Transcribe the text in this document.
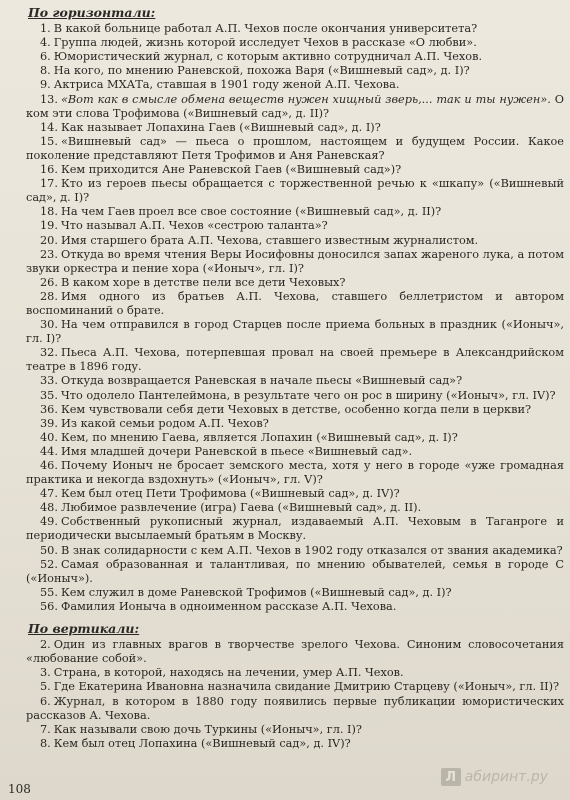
По горизонтали:

1. В какой больнице работал А.П. Чехов после окончания университета?

4. Группа людей, жизнь которой исследует Чехов в рассказе «О любви».

6. Юмористический журнал, с которым активно сотрудничал А.П. Чехов.

8. На кого, по мнению Раневской, похожа Варя («Вишневый сад», д. I)?

9. Актриса МХАТа, ставшая в 1901 году женой А.П. Чехова.

13. «Вот как в смысле обмена веществ нужен хищный зверь,... так и ты нужен». О ком эти слова Трофимова («Вишневый сад», д. II)?

14. Как называет Лопахина Гаев («Вишневый сад», д. I)?

15. «Вишневый сад» — пьеса о прошлом, настоящем и будущем России. Какое поколение представляют Петя Трофимов и Аня Раневская?

16. Кем приходится Ане Раневской Гаев («Вишневый сад»)?

17. Кто из героев пьесы обращается с торжественной речью к «шкапу» («Вишневый сад», д. I)?

18. На чем Гаев проел все свое состояние («Вишневый сад», д. II)?

19. Что называл А.П. Чехов «сестрою таланта»?

20. Имя старшего брата А.П. Чехова, ставшего известным журналистом.

23. Откуда во время чтения Веры Иосифовны доносился запах жареного лука, а потом звуки оркестра и пение хора («Ионыч», гл. I)?

26. В каком хоре в детстве пели все дети Чеховых?

28. Имя одного из братьев А.П. Чехова, ставшего беллетристом и автором воспоминаний о брате.

30. На чем отправился в город Старцев после приема больных в праздник («Ионыч», гл. I)?

32. Пьеса А.П. Чехова, потерпевшая провал на своей премьере в Александрийском театре в 1896 году.

33. Откуда возвращается Раневская в начале пьесы «Вишневый сад»?

35. Что одолело Пантелеймона, в результате чего он рос в ширину («Ионыч», гл. IV)?

36. Кем чувствовали себя дети Чеховых в детстве, особенно когда пели в церкви?

39. Из какой семьи родом А.П. Чехов?

40. Кем, по мнению Гаева, является Лопахин («Вишневый сад», д. I)?

44. Имя младшей дочери Раневской в пьесе «Вишневый сад».

46. Почему Ионыч не бросает земского места, хотя у него в городе «уже громадная практика и некогда вздохнуть» («Ионыч», гл. V)?

47. Кем был отец Пети Трофимова («Вишневый сад», д. IV)?

48. Любимое развлечение (игра) Гаева («Вишневый сад», д. II).

49. Собственный рукописный журнал, издаваемый А.П. Чеховым в Таганроге и периодически высылаемый братьям в Москву.

50. В знак солидарности с кем А.П. Чехов в 1902 году отказался от звания академика?

52. Самая образованная и талантливая, по мнению обывателей, семья в городе С («Ионыч»).

55. Кем служил в доме Раневской Трофимов («Вишневый сад», д. I)?

56. Фамилия Ионыча в одноименном рассказе А.П. Чехова.

По вертикали:

2. Один из главных врагов в творчестве зрелого Чехова. Синоним словосочетания «любование собой».

3. Страна, в которой, находясь на лечении, умер А.П. Чехов.

5. Где Екатерина Ивановна назначила свидание Дмитрию Старцеву («Ионыч», гл. II)?

6. Журнал, в котором в 1880 году появились первые публикации юмористических рассказов А. Чехова.

7. Как называли свою дочь Туркины («Ионыч», гл. I)?

8. Кем был отец Лопахина («Вишневый сад», д. IV)?

108
Л абиринт.ру
